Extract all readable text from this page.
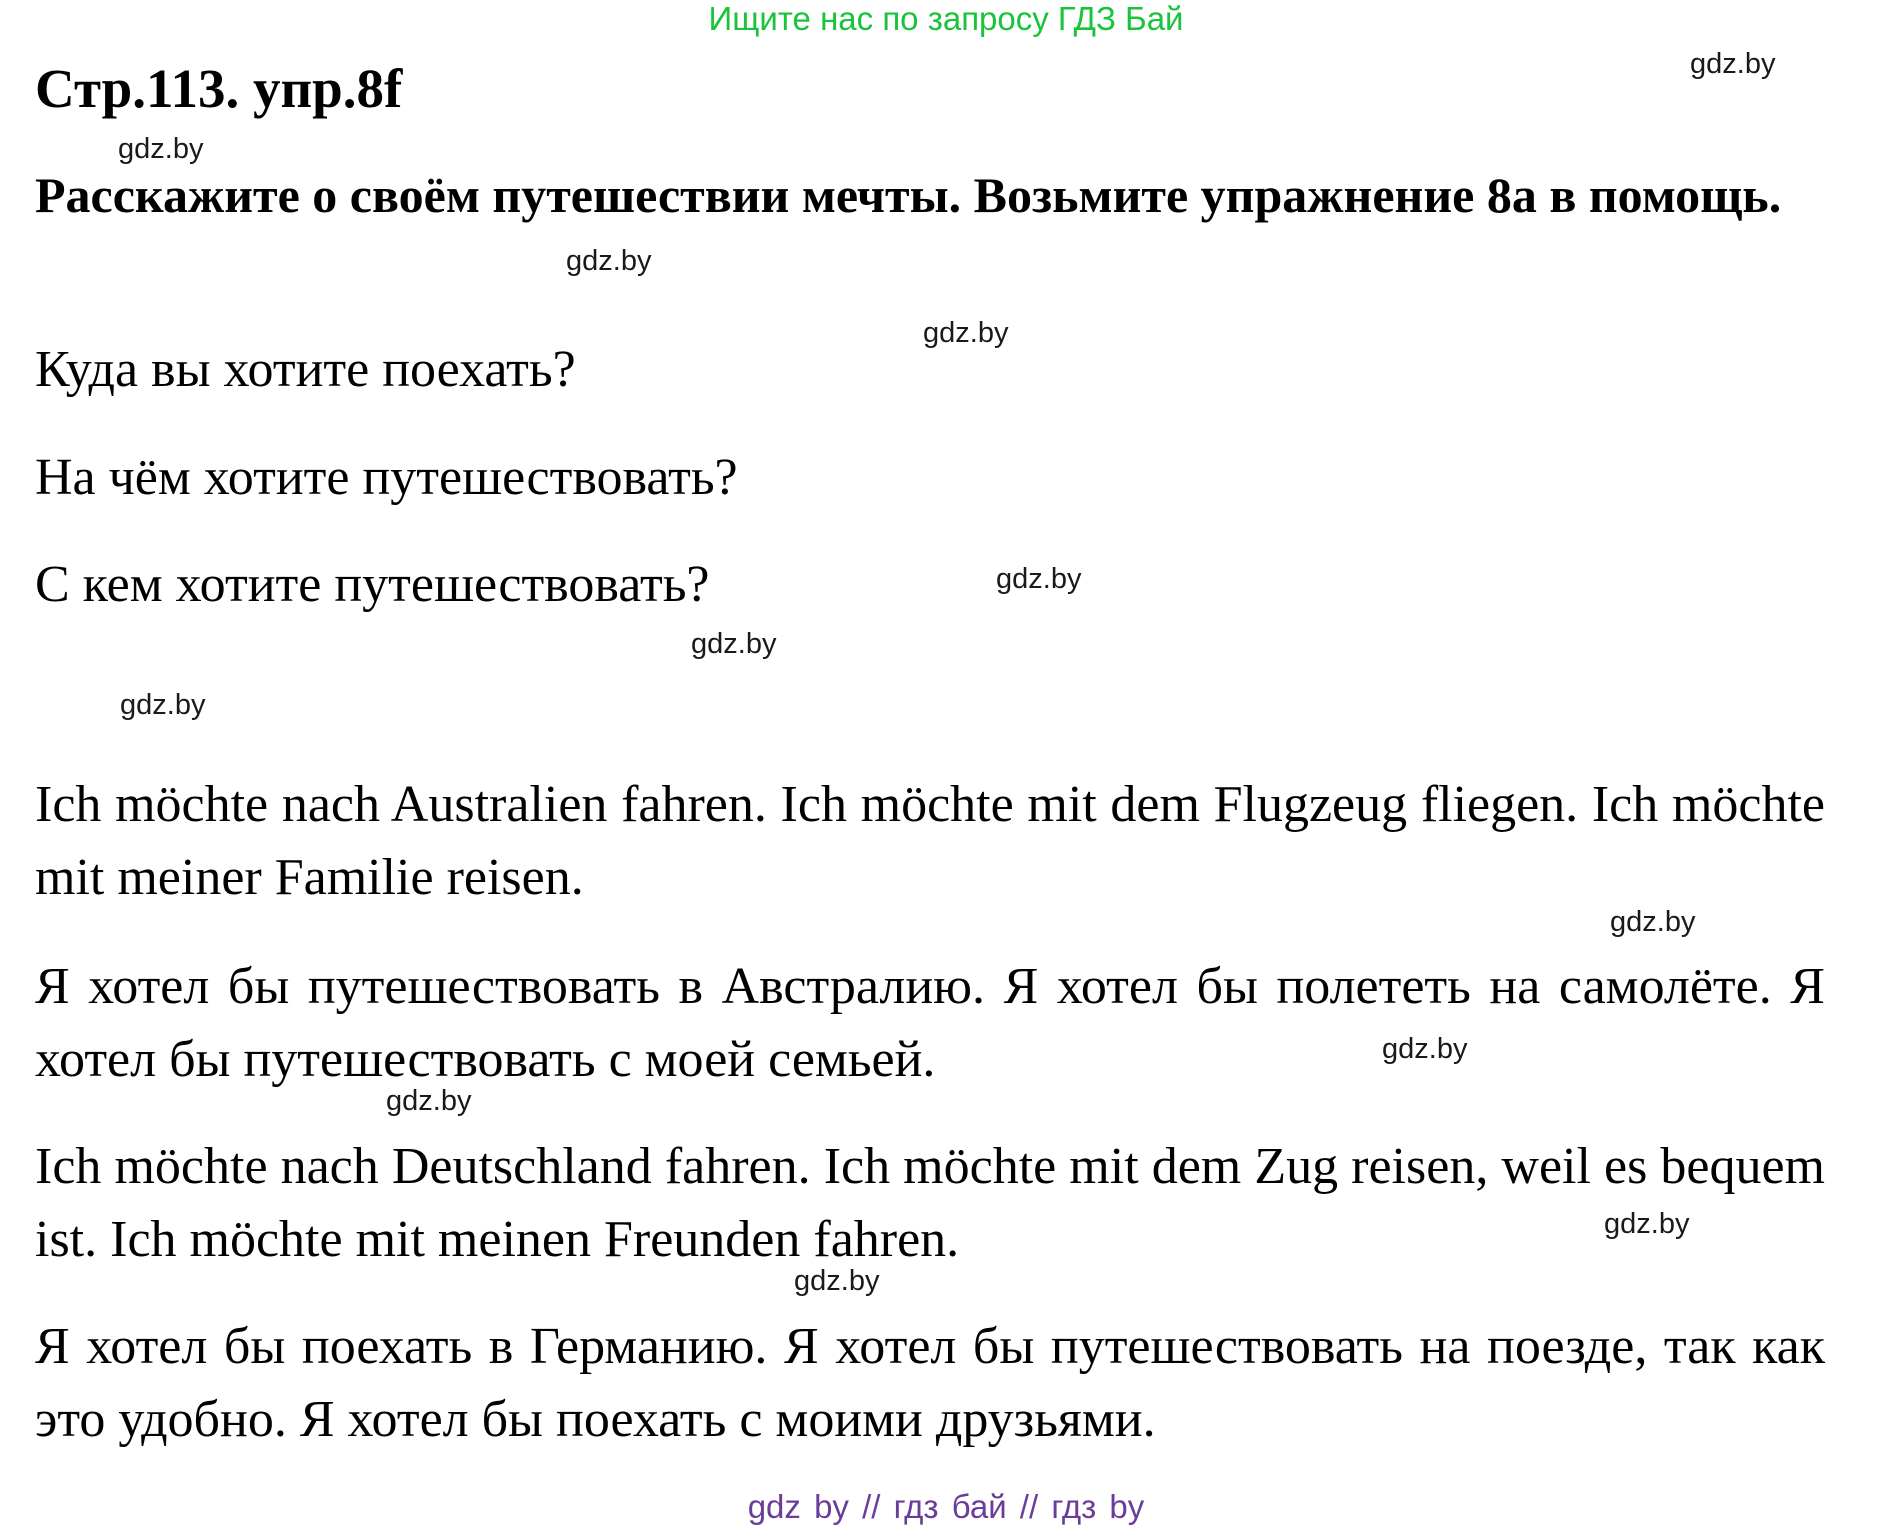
Ищите нас по запросу ГДЗ Бай
Стр.113. упр.8f
Расскажите о своём путешествии мечты. Возьмите упражнение 8а в помощь.
Куда вы хотите поехать?
На чём хотите путешествовать?
С кем хотите путешествовать?
Ich möchte nach Australien fahren. Ich möchte mit dem Flugzeug fliegen. Ich möchte mit meiner Familie reisen.
Я хотел бы путешествовать в Австралию. Я хотел бы полететь на самолёте. Я хотел бы путешествовать с моей семьей.
Ich möchte nach Deutschland fahren. Ich möchte mit dem Zug reisen, weil es bequem ist. Ich möchte mit meinen Freunden fahren.
Я хотел бы поехать в Германию. Я хотел бы путешествовать на поезде, так как это удобно. Я хотел бы поехать с моими друзьями.
gdz.by
gdz.by
gdz.by
gdz.by
gdz.by
gdz.by
gdz.by
gdz.by
gdz.by
gdz.by
gdz.by
gdz.by
gdz by // гдз бай // гдз by
